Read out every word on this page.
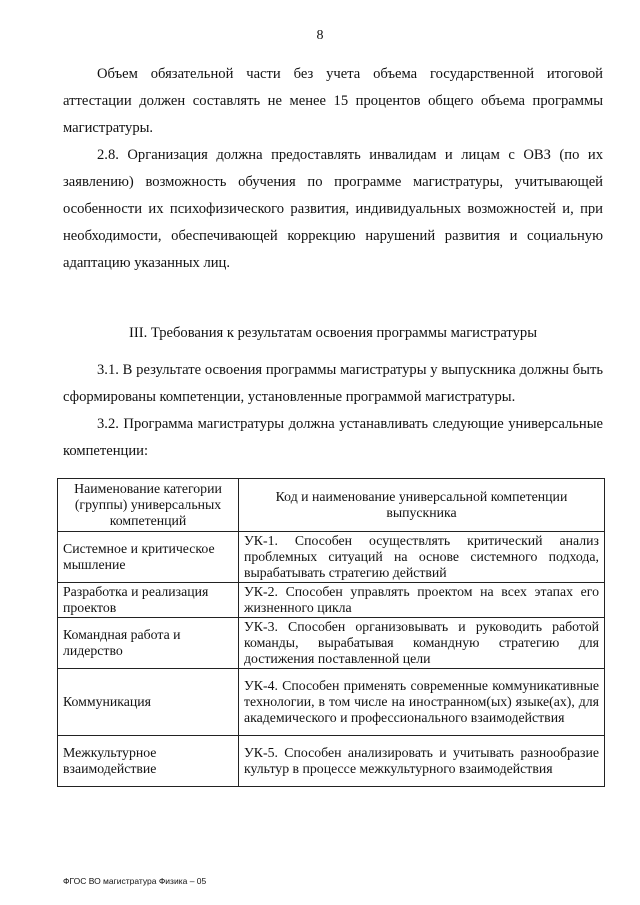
8
Объем обязательной части без учета объема государственной итоговой аттестации должен составлять не менее 15 процентов общего объема программы магистратуры.
2.8. Организация должна предоставлять инвалидам и лицам с ОВЗ (по их заявлению) возможность обучения по программе магистратуры, учитывающей особенности их психофизического развития, индивидуальных возможностей и, при необходимости, обеспечивающей коррекцию нарушений развития и социальную адаптацию указанных лиц.
III. Требования к результатам освоения программы магистратуры
3.1. В результате освоения программы магистратуры у выпускника должны быть сформированы компетенции, установленные программой магистратуры.
3.2. Программа магистратуры должна устанавливать следующие универсальные компетенции:
Наименование категории (группы) универсальных компетенций	Код и наименование универсальной компетенции выпускника
Системное и критическое мышление	УК-1. Способен осуществлять критический анализ проблемных ситуаций на основе системного подхода, вырабатывать стратегию действий
Разработка и реализация проектов	УК-2. Способен управлять проектом на всех этапах его жизненного цикла
Командная работа и лидерство	УК-3. Способен организовывать и руководить работой команды, вырабатывая командную стратегию для достижения поставленной цели
Коммуникация	УК-4. Способен применять современные коммуникативные технологии, в том числе на иностранном(ых) языке(ах), для академического и профессионального взаимодействия
Межкультурное взаимодействие	УК-5. Способен анализировать и учитывать разнообразие культур в процессе межкультурного взаимодействия
ФГОС ВО магистратура Физика – 05
